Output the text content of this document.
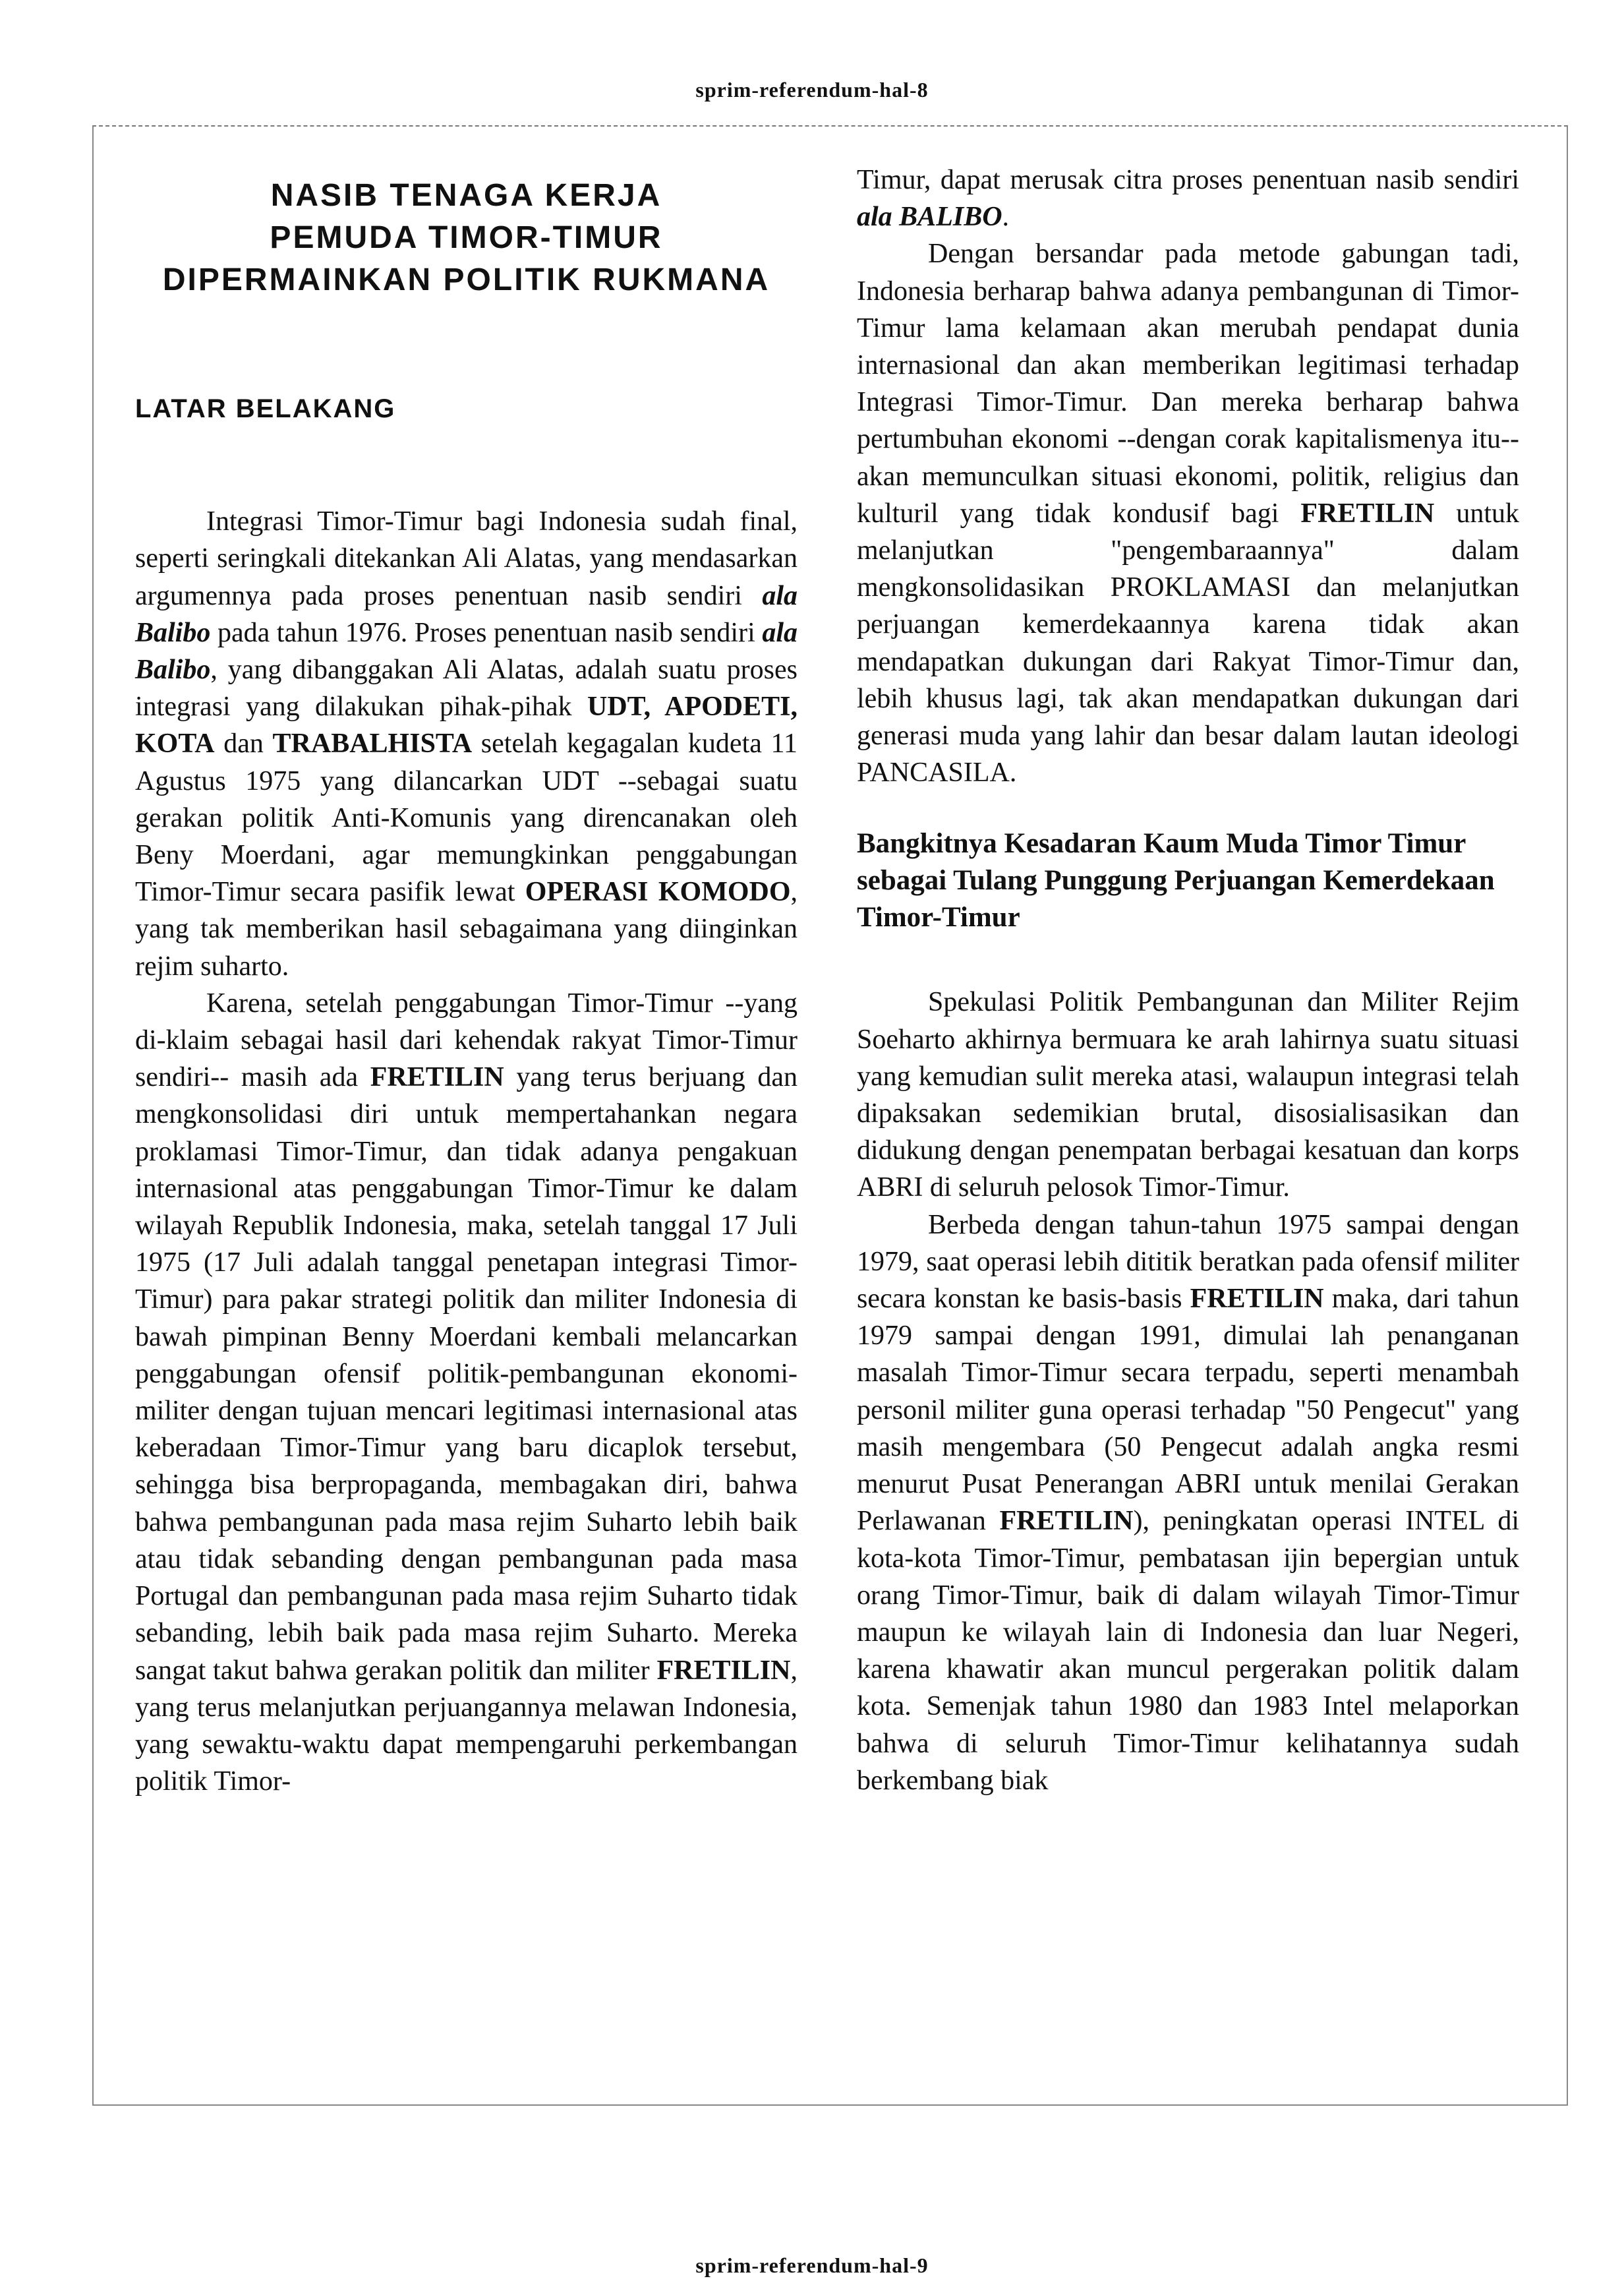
sprim-referendum-hal-8
NASIB TENAGA KERJA
PEMUDA TIMOR-TIMUR
DIPERMAINKAN POLITIK RUKMANA
LATAR BELAKANG

Integrasi Timor-Timur bagi Indonesia sudah final, seperti seringkali ditekankan Ali Alatas, yang mendasarkan argumennya pada proses penentuan nasib sendiri ala Balibo pada tahun 1976. Proses penentuan nasib sendiri ala Balibo, yang dibanggakan Ali Alatas, adalah suatu proses integrasi yang dilakukan pihak-pihak UDT, APODETI, KOTA dan TRABALHISTA setelah kegagalan kudeta 11 Agustus 1975 yang dilancarkan UDT --sebagai suatu gerakan politik Anti-Komunis yang direncanakan oleh Beny Moerdani, agar memungkinkan penggabungan Timor-Timur secara pasifik lewat OPERASI KOMODO, yang tak memberikan hasil sebagaimana yang diinginkan rejim suharto.

Karena, setelah penggabungan Timor-Timur --yang di-klaim sebagai hasil dari kehendak rakyat Timor-Timur sendiri-- masih ada FRETILIN yang terus berjuang dan mengkonsolidasi diri untuk mempertahankan negara proklamasi Timor-Timur, dan tidak adanya pengakuan internasional atas penggabungan Timor-Timur ke dalam wilayah Republik Indonesia, maka, setelah tanggal 17 Juli 1975 (17 Juli adalah tanggal penetapan integrasi Timor-Timur) para pakar strategi politik dan militer Indonesia di bawah pimpinan Benny Moerdani kembali melancarkan penggabungan ofensif politik-pembangunan ekonomi-militer dengan tujuan mencari legitimasi internasional atas keberadaan Timor-Timur yang baru dicaplok tersebut, sehingga bisa berpropaganda, membagakan diri, bahwa bahwa pembangunan pada masa rejim Suharto lebih baik atau tidak sebanding dengan pembangunan pada masa Portugal dan pembangunan pada masa rejim Suharto tidak sebanding, lebih baik pada masa rejim Suharto. Mereka sangat takut bahwa gerakan politik dan militer FRETILIN, yang terus melanjutkan perjuangannya melawan Indonesia, yang sewaktu-waktu dapat mempengaruhi perkembangan politik Timor-

Timur, dapat merusak citra proses penentuan nasib sendiri ala BALIBO.

Dengan bersandar pada metode gabungan tadi, Indonesia berharap bahwa adanya pembangunan di Timor-Timur lama kelamaan akan merubah pendapat dunia internasional dan akan memberikan legitimasi terhadap Integrasi Timor-Timur. Dan mereka berharap bahwa pertumbuhan ekonomi --dengan corak kapitalismenya itu-- akan memunculkan situasi ekonomi, politik, religius dan kulturil yang tidak kondusif bagi FRETILIN untuk melanjutkan "pengembaraannya" dalam mengkonsolidasikan PROKLAMASI dan melanjutkan perjuangan kemerdekaannya karena tidak akan mendapatkan dukungan dari Rakyat Timor-Timur dan, lebih khusus lagi, tak akan mendapatkan dukungan dari generasi muda yang lahir dan besar dalam lautan ideologi PANCASILA.

Bangkitnya Kesadaran Kaum Muda Timor Timur sebagai Tulang Punggung Perjuangan Kemerdekaan Timor-Timur

Spekulasi Politik Pembangunan dan Militer Rejim Soeharto akhirnya bermuara ke arah lahirnya suatu situasi yang kemudian sulit mereka atasi, walaupun integrasi telah dipaksakan sedemikian brutal, disosialisasikan dan didukung dengan penempatan berbagai kesatuan dan korps ABRI di seluruh pelosok Timor-Timur.

Berbeda dengan tahun-tahun 1975 sampai dengan 1979, saat operasi lebih dititik beratkan pada ofensif militer secara konstan ke basis-basis FRETILIN maka, dari tahun 1979 sampai dengan 1991, dimulai lah penanganan masalah Timor-Timur secara terpadu, seperti menambah personil militer guna operasi terhadap "50 Pengecut" yang masih mengembara (50 Pengecut adalah angka resmi menurut Pusat Penerangan ABRI untuk menilai Gerakan Perlawanan FRETILIN), peningkatan operasi INTEL di kota-kota Timor-Timur, pembatasan ijin bepergian untuk orang Timor-Timur, baik di dalam wilayah Timor-Timur maupun ke wilayah lain di Indonesia dan luar Negeri, karena khawatir akan muncul pergerakan politik dalam kota. Semenjak tahun 1980 dan 1983 Intel melaporkan bahwa di seluruh Timor-Timur kelihatannya sudah berkembang biak

sprim-referendum-hal-9
